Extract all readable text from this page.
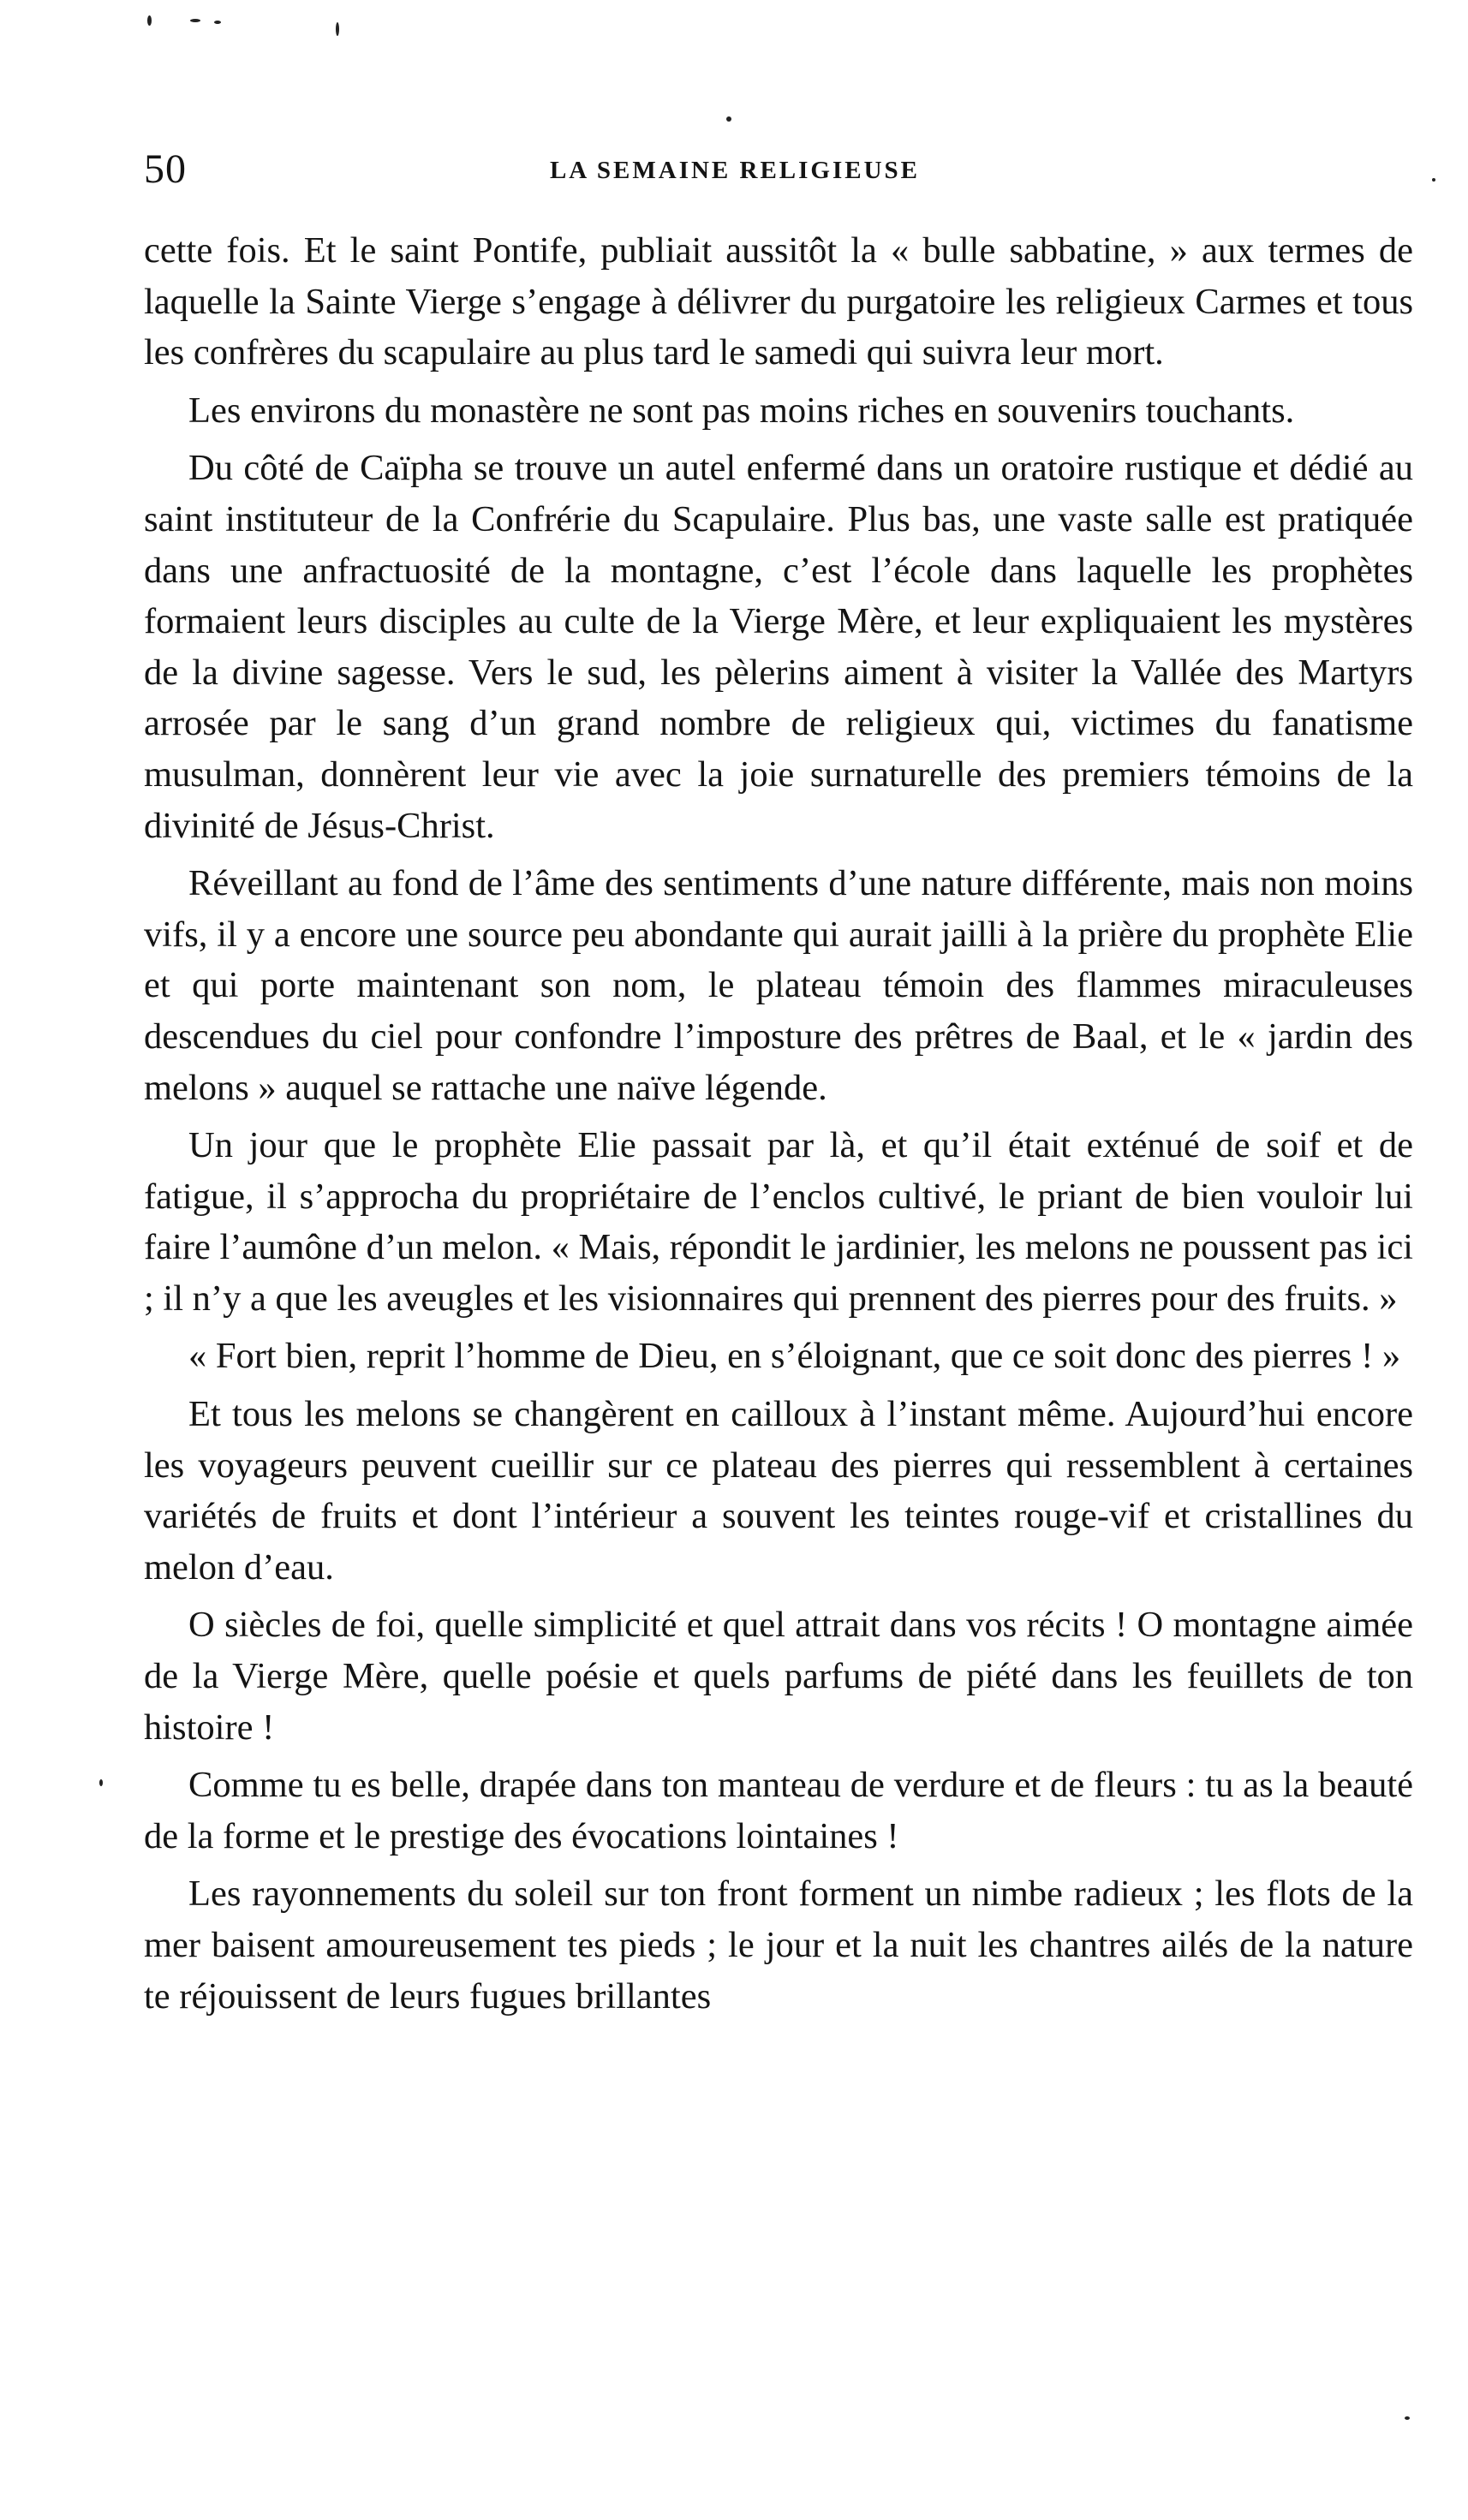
50	LA SEMAINE RELIGIEUSE

cette fois. Et le saint Pontife, publiait aussitôt la « bulle sabbatine, » aux termes de laquelle la Sainte Vierge s’engage à délivrer du purgatoire les religieux Carmes et tous les confrères du scapulaire au plus tard le samedi qui suivra leur mort.

Les environs du monastère ne sont pas moins riches en souvenirs touchants.

Du côté de Caïpha se trouve un autel enfermé dans un oratoire rustique et dédié au saint instituteur de la Confrérie du Scapulaire. Plus bas, une vaste salle est pratiquée dans une anfractuosité de la montagne, c’est l’école dans laquelle les prophètes formaient leurs disciples au culte de la Vierge Mère, et leur expliquaient les mystères de la divine sagesse. Vers le sud, les pèlerins aiment à visiter la Vallée des Martyrs arrosée par le sang d’un grand nombre de religieux qui, victimes du fanatisme musulman, donnèrent leur vie avec la joie surnaturelle des premiers témoins de la divinité de Jésus-Christ.

Réveillant au fond de l’âme des sentiments d’une nature différente, mais non moins vifs, il y a encore une source peu abondante qui aurait jailli à la prière du prophète Elie et qui porte maintenant son nom, le plateau témoin des flammes miraculeuses descendues du ciel pour confondre l’imposture des prêtres de Baal, et le « jardin des melons » auquel se rattache une naïve légende.

Un jour que le prophète Elie passait par là, et qu’il était exténué de soif et de fatigue, il s’approcha du propriétaire de l’enclos cultivé, le priant de bien vouloir lui faire l’aumône d’un melon. « Mais, répondit le jardinier, les melons ne poussent pas ici ; il n’y a que les aveugles et les visionnaires qui prennent des pierres pour des fruits. »

« Fort bien, reprit l’homme de Dieu, en s’éloignant, que ce soit donc des pierres ! »

Et tous les melons se changèrent en cailloux à l’instant même. Aujourd’hui encore les voyageurs peuvent cueillir sur ce plateau des pierres qui ressemblent à certaines variétés de fruits et dont l’intérieur a souvent les teintes rouge-vif et cristallines du melon d’eau.

O siècles de foi, quelle simplicité et quel attrait dans vos récits ! O montagne aimée de la Vierge Mère, quelle poésie et quels parfums de piété dans les feuillets de ton histoire !

Comme tu es belle, drapée dans ton manteau de verdure et de fleurs : tu as la beauté de la forme et le prestige des évocations lointaines !

Les rayonnements du soleil sur ton front forment un nimbe radieux ; les flots de la mer baisent amoureusement tes pieds ; le jour et la nuit les chantres ailés de la nature te réjouissent de leurs fugues brillantes
